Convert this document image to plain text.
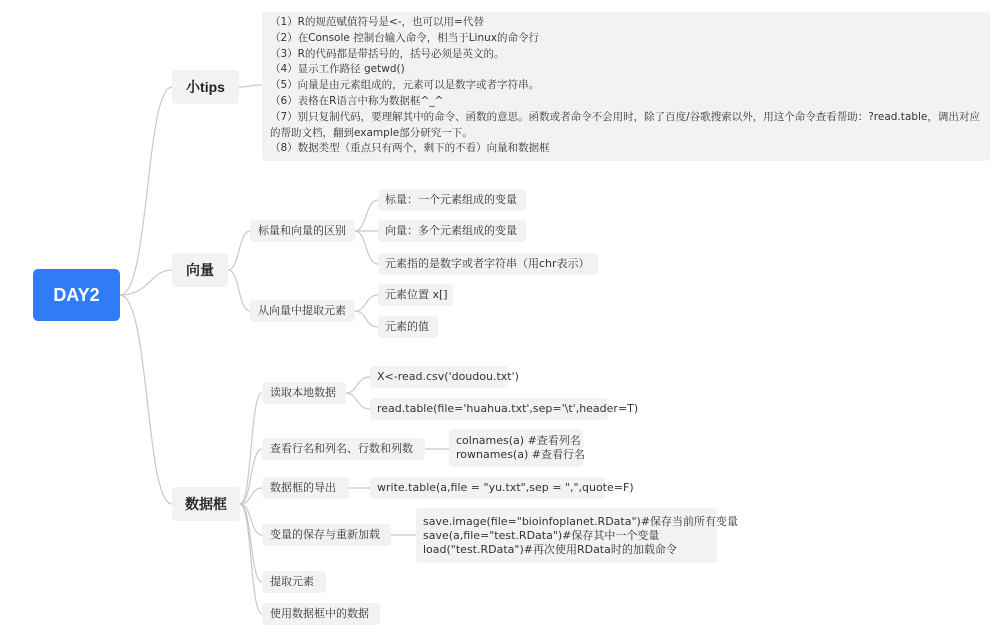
DAY2
小tips
（1）R的规范赋值符号是<-，也可以用=代替
（2）在Console 控制台输入命令，相当于Linux的命令行
（3）R的代码都是带括号的，括号必须是英文的。
（4）显示工作路径 getwd()
（5）向量是由元素组成的，元素可以是数字或者字符串。
（6）表格在R语言中称为数据框^_^
（7）别只复制代码，要理解其中的命令、函数的意思。函数或者命令不会用时，除了百度/谷歌搜索以外，用这个命令查看帮助：?read.table，调出对应的帮助文档，翻到example部分研究一下。
（8）数据类型（重点只有两个，剩下的不看）向量和数据框
向量
标量和向量的区别
从向量中提取元素
标量：一个元素组成的变量
向量：多个元素组成的变量
元素指的是数字或者字符串（用chr表示）
元素位置 x[]
元素的值
数据框
读取本地数据
X<-read.csv('doudou.txt')
read.table(file='huahua.txt',sep='\t',header=T)
查看行名和列名、行数和列数
colnames(a) #查看列名
rownames(a) #查看行名
数据框的导出	write.table(a,file = "yu.txt",sep = ",",quote=F)
变量的保存与重新加载
save.image(file="bioinfoplanet.RData")#保存当前所有变量
save(a,file="test.RData")#保存其中一个变量
load("test.RData")#再次使用RData时的加载命令
提取元素
使用数据框中的数据
